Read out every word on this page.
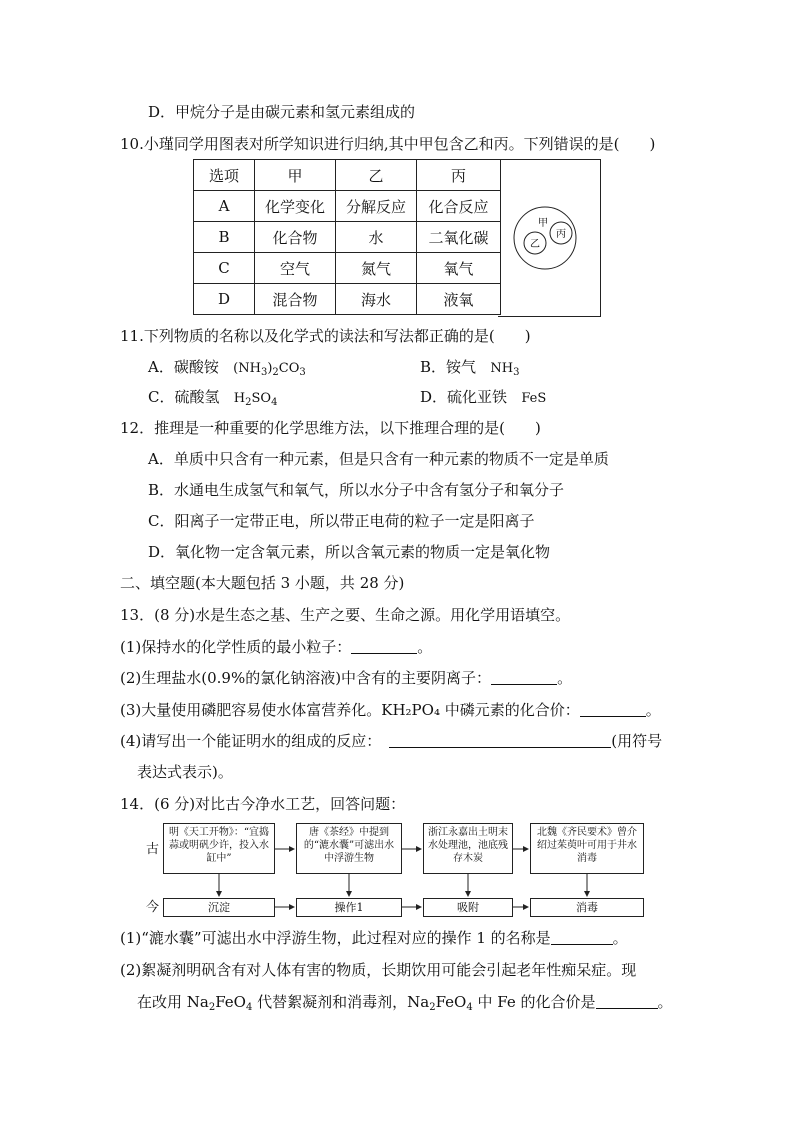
D．甲烷分子是由碳元素和氢元素组成的
10.小瑾同学用图表对所学知识进行归纳,其中甲包含乙和丙。下列错误的是(　　)
选项	甲	乙	丙
A	化学变化	分解反应	化合反应
B	化合物	水	二氧化碳
C	空气	氮气	氧气
D	混合物	海水	液氧
甲
乙
丙
11.下列物质的名称以及化学式的读法和写法都正确的是(　　)
A．碳酸铵 $(NH_3)_2CO_3$	B．铵气 $NH_3$
C．硫酸氢 $H_2SO_4$	D．硫化亚铁 FeS
12．推理是一种重要的化学思维方法，以下推理合理的是(　　)
A．单质中只含有一种元素，但是只含有一种元素的物质不一定是单质
B．水通电生成氢气和氧气，所以水分子中含有氢分子和氧分子
C．阳离子一定带正电，所以带正电荷的粒子一定是阳离子
D．氧化物一定含氧元素，所以含氧元素的物质一定是氧化物
二、填空题(本大题包括 3 小题，共 28 分)
13．(8 分)水是生态之基、生产之要、生命之源。用化学用语填空。
(1)保持水的化学性质的最小粒子：	。
(2)生理盐水(0.9%的氯化钠溶液)中含有的主要阴离子：	。
(3)大量使用磷肥容易使水体富营养化。KH₂PO₄ 中磷元素的化合价：	。
(4)请写出一个能证明水的组成的反应：	(用符号
表达式表示)。
14．(6 分)对比古今净水工艺，回答问题：
古
今
明《天工开物》：“宜捣蒜或明矾少许，投入水缸中”
唐《茶经》中提到的“漉水囊”可滤出水中浮游生物
浙江永嘉出土明末水处理池，池底残存木炭
北魏《齐民要术》曾介绍过茱萸叶可用于井水消毒
沉淀	操作1	吸附	消毒
(1)“漉水囊”可滤出水中浮游生物，此过程对应的操作 1 的名称是	。
(2)絮凝剂明矾含有对人体有害的物质，长期饮用可能会引起老年性痴呆症。现
在改用 $Na_2FeO_4$ 代替絮凝剂和消毒剂，$Na_2FeO_4$ 中 Fe 的化合价是	。
